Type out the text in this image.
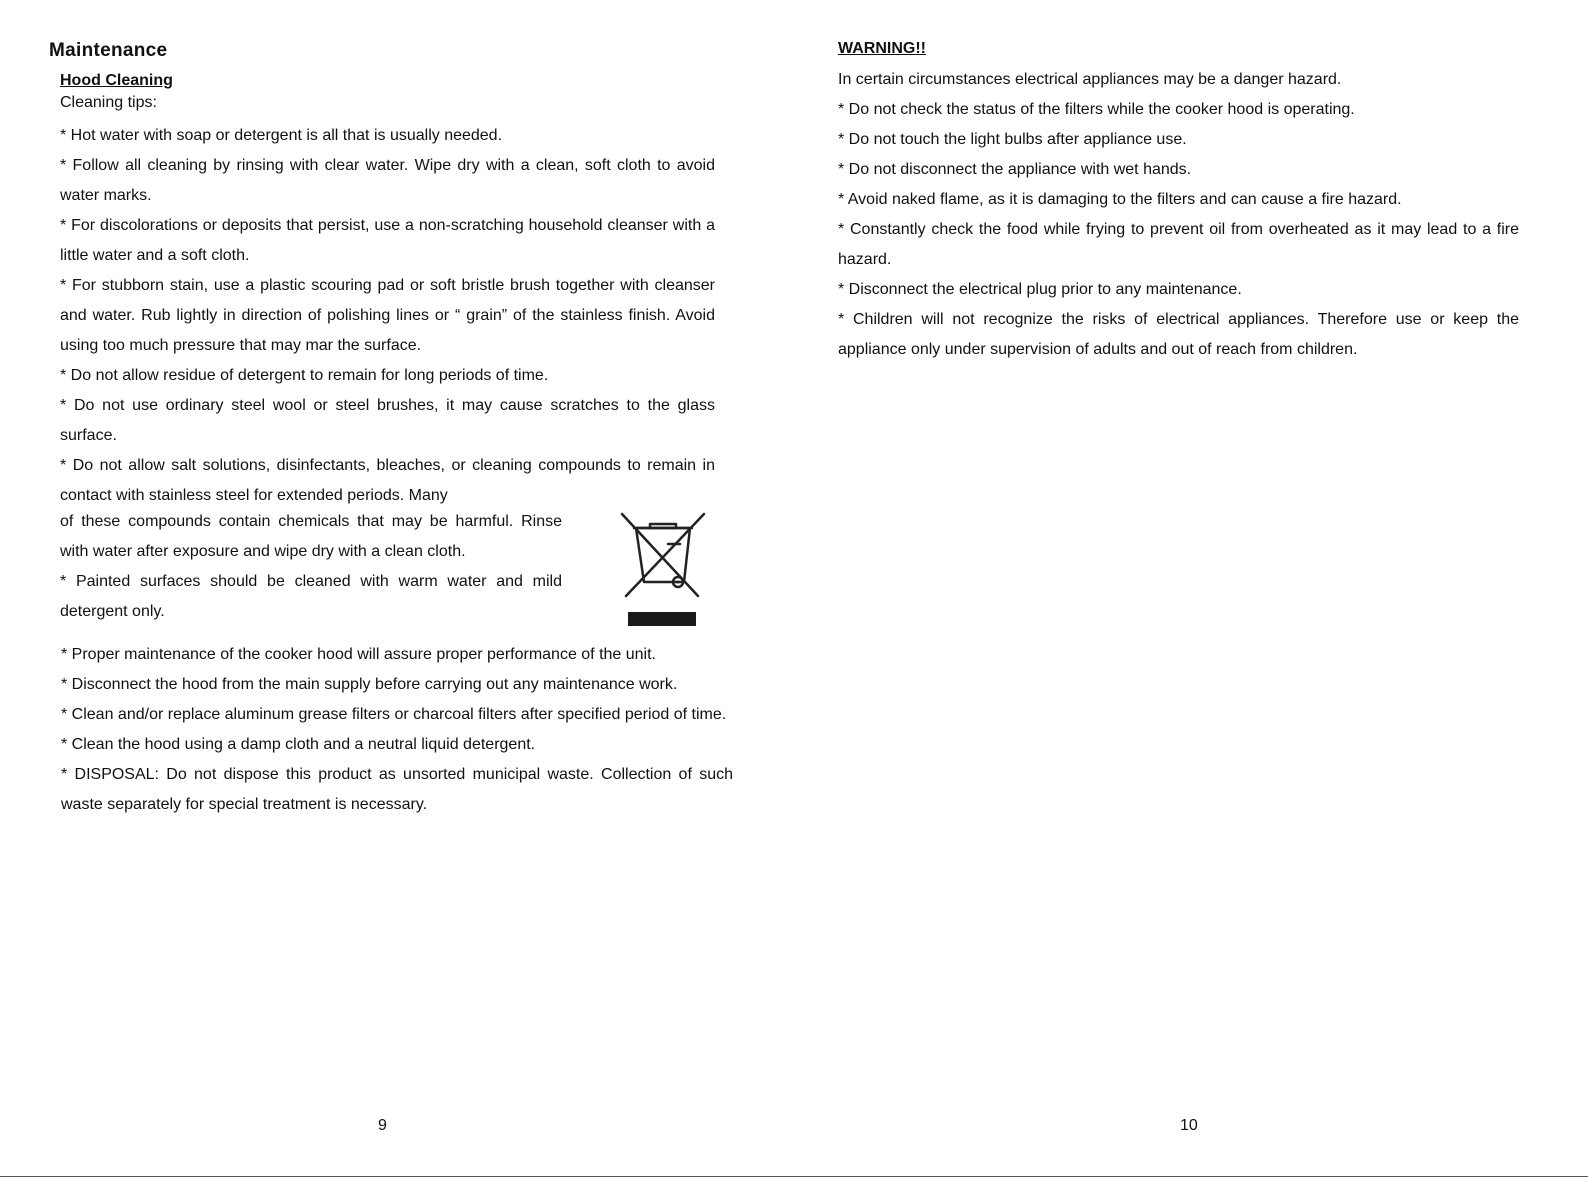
Maintenance
Hood Cleaning

Cleaning tips:

* Hot water with soap or detergent is all that is usually needed.

* Follow all cleaning by rinsing with clear water. Wipe dry with a clean, soft cloth to avoid water marks.

* For discolorations or deposits that persist, use a non-scratching household cleanser with a little water and a soft cloth.

* For stubborn stain, use a plastic scouring pad or soft bristle brush together with cleanser and water. Rub lightly in direction of polishing lines or “ grain” of the stainless finish. Avoid using too much pressure that may mar the surface.

* Do not allow residue of detergent to remain for long periods of time.

* Do not use ordinary steel wool or steel brushes, it may cause scratches to the glass surface.

* Do not allow salt solutions, disinfectants, bleaches, or cleaning compounds to remain in contact with stainless steel for extended periods. Many

of these compounds contain chemicals that may be harmful. Rinse with water after exposure and wipe dry with a clean cloth.

* Painted surfaces should be cleaned with warm water and mild detergent only.

* Proper maintenance of the cooker hood will assure proper performance of the unit.

* Disconnect the hood from the main supply before carrying out any maintenance work.

* Clean and/or replace aluminum grease filters or charcoal filters after specified period of time.

* Clean the hood using a damp cloth and a neutral liquid detergent.

* DISPOSAL: Do not dispose this product as unsorted municipal waste. Collection of such waste separately for special treatment is necessary.

9
WARNING!!

In certain circumstances electrical appliances may be a danger hazard.

* Do not check the status of the filters while the cooker hood is operating.

* Do not touch the light bulbs after appliance use.

* Do not disconnect the appliance with wet hands.

* Avoid naked flame, as it is damaging to the filters and can cause a fire hazard.

* Constantly check the food while frying to prevent oil from overheated as it may lead to a fire hazard.

* Disconnect the electrical plug prior to any maintenance.

* Children will not recognize the risks of electrical appliances. Therefore use or keep the appliance only under supervision of adults and out of reach from children.

10
